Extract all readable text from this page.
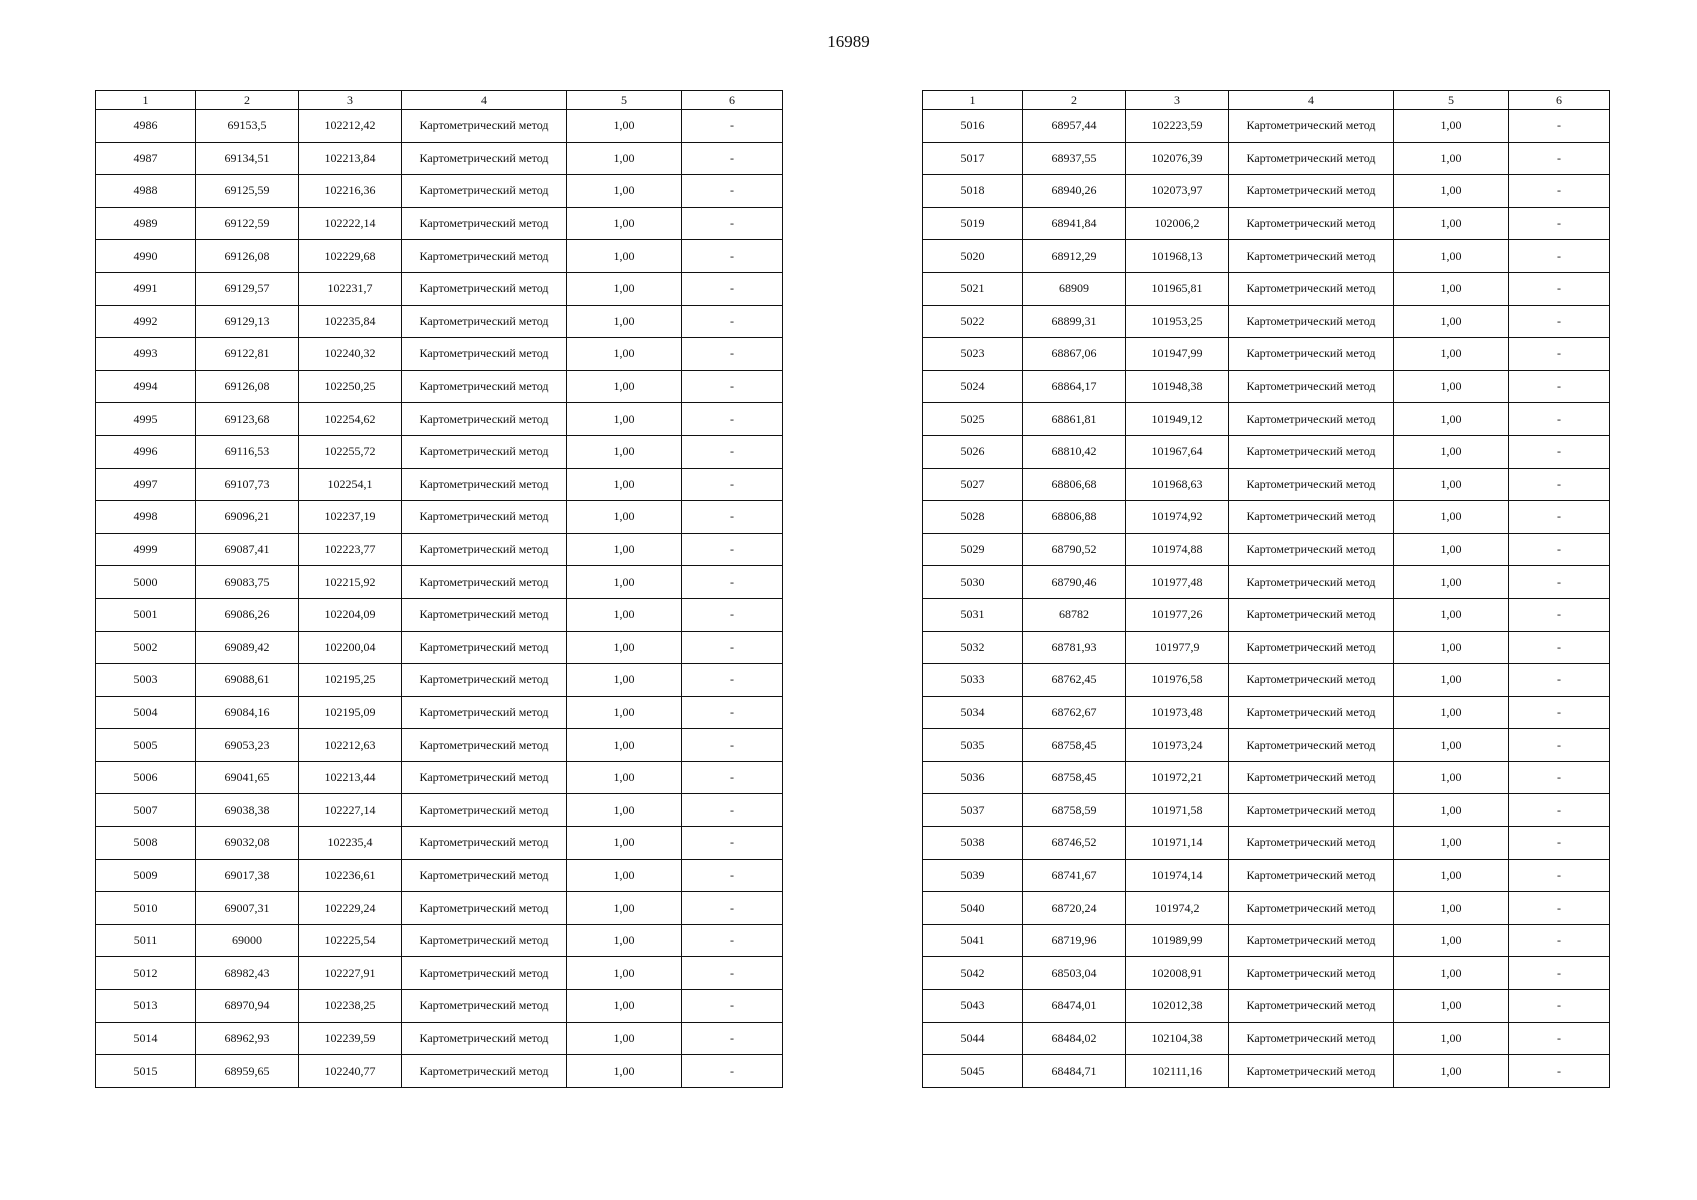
16989
1	2	3	4	5	6
4986	69153,5	102212,42	Картометрический метод	1,00	-
4987	69134,51	102213,84	Картометрический метод	1,00	-
4988	69125,59	102216,36	Картометрический метод	1,00	-
4989	69122,59	102222,14	Картометрический метод	1,00	-
4990	69126,08	102229,68	Картометрический метод	1,00	-
4991	69129,57	102231,7	Картометрический метод	1,00	-
4992	69129,13	102235,84	Картометрический метод	1,00	-
4993	69122,81	102240,32	Картометрический метод	1,00	-
4994	69126,08	102250,25	Картометрический метод	1,00	-
4995	69123,68	102254,62	Картометрический метод	1,00	-
4996	69116,53	102255,72	Картометрический метод	1,00	-
4997	69107,73	102254,1	Картометрический метод	1,00	-
4998	69096,21	102237,19	Картометрический метод	1,00	-
4999	69087,41	102223,77	Картометрический метод	1,00	-
5000	69083,75	102215,92	Картометрический метод	1,00	-
5001	69086,26	102204,09	Картометрический метод	1,00	-
5002	69089,42	102200,04	Картометрический метод	1,00	-
5003	69088,61	102195,25	Картометрический метод	1,00	-
5004	69084,16	102195,09	Картометрический метод	1,00	-
5005	69053,23	102212,63	Картометрический метод	1,00	-
5006	69041,65	102213,44	Картометрический метод	1,00	-
5007	69038,38	102227,14	Картометрический метод	1,00	-
5008	69032,08	102235,4	Картометрический метод	1,00	-
5009	69017,38	102236,61	Картометрический метод	1,00	-
5010	69007,31	102229,24	Картометрический метод	1,00	-
5011	69000	102225,54	Картометрический метод	1,00	-
5012	68982,43	102227,91	Картометрический метод	1,00	-
5013	68970,94	102238,25	Картометрический метод	1,00	-
5014	68962,93	102239,59	Картометрический метод	1,00	-
5015	68959,65	102240,77	Картометрический метод	1,00	-
1	2	3	4	5	6
5016	68957,44	102223,59	Картометрический метод	1,00	-
5017	68937,55	102076,39	Картометрический метод	1,00	-
5018	68940,26	102073,97	Картометрический метод	1,00	-
5019	68941,84	102006,2	Картометрический метод	1,00	-
5020	68912,29	101968,13	Картометрический метод	1,00	-
5021	68909	101965,81	Картометрический метод	1,00	-
5022	68899,31	101953,25	Картометрический метод	1,00	-
5023	68867,06	101947,99	Картометрический метод	1,00	-
5024	68864,17	101948,38	Картометрический метод	1,00	-
5025	68861,81	101949,12	Картометрический метод	1,00	-
5026	68810,42	101967,64	Картометрический метод	1,00	-
5027	68806,68	101968,63	Картометрический метод	1,00	-
5028	68806,88	101974,92	Картометрический метод	1,00	-
5029	68790,52	101974,88	Картометрический метод	1,00	-
5030	68790,46	101977,48	Картометрический метод	1,00	-
5031	68782	101977,26	Картометрический метод	1,00	-
5032	68781,93	101977,9	Картометрический метод	1,00	-
5033	68762,45	101976,58	Картометрический метод	1,00	-
5034	68762,67	101973,48	Картометрический метод	1,00	-
5035	68758,45	101973,24	Картометрический метод	1,00	-
5036	68758,45	101972,21	Картометрический метод	1,00	-
5037	68758,59	101971,58	Картометрический метод	1,00	-
5038	68746,52	101971,14	Картометрический метод	1,00	-
5039	68741,67	101974,14	Картометрический метод	1,00	-
5040	68720,24	101974,2	Картометрический метод	1,00	-
5041	68719,96	101989,99	Картометрический метод	1,00	-
5042	68503,04	102008,91	Картометрический метод	1,00	-
5043	68474,01	102012,38	Картометрический метод	1,00	-
5044	68484,02	102104,38	Картометрический метод	1,00	-
5045	68484,71	102111,16	Картометрический метод	1,00	-
